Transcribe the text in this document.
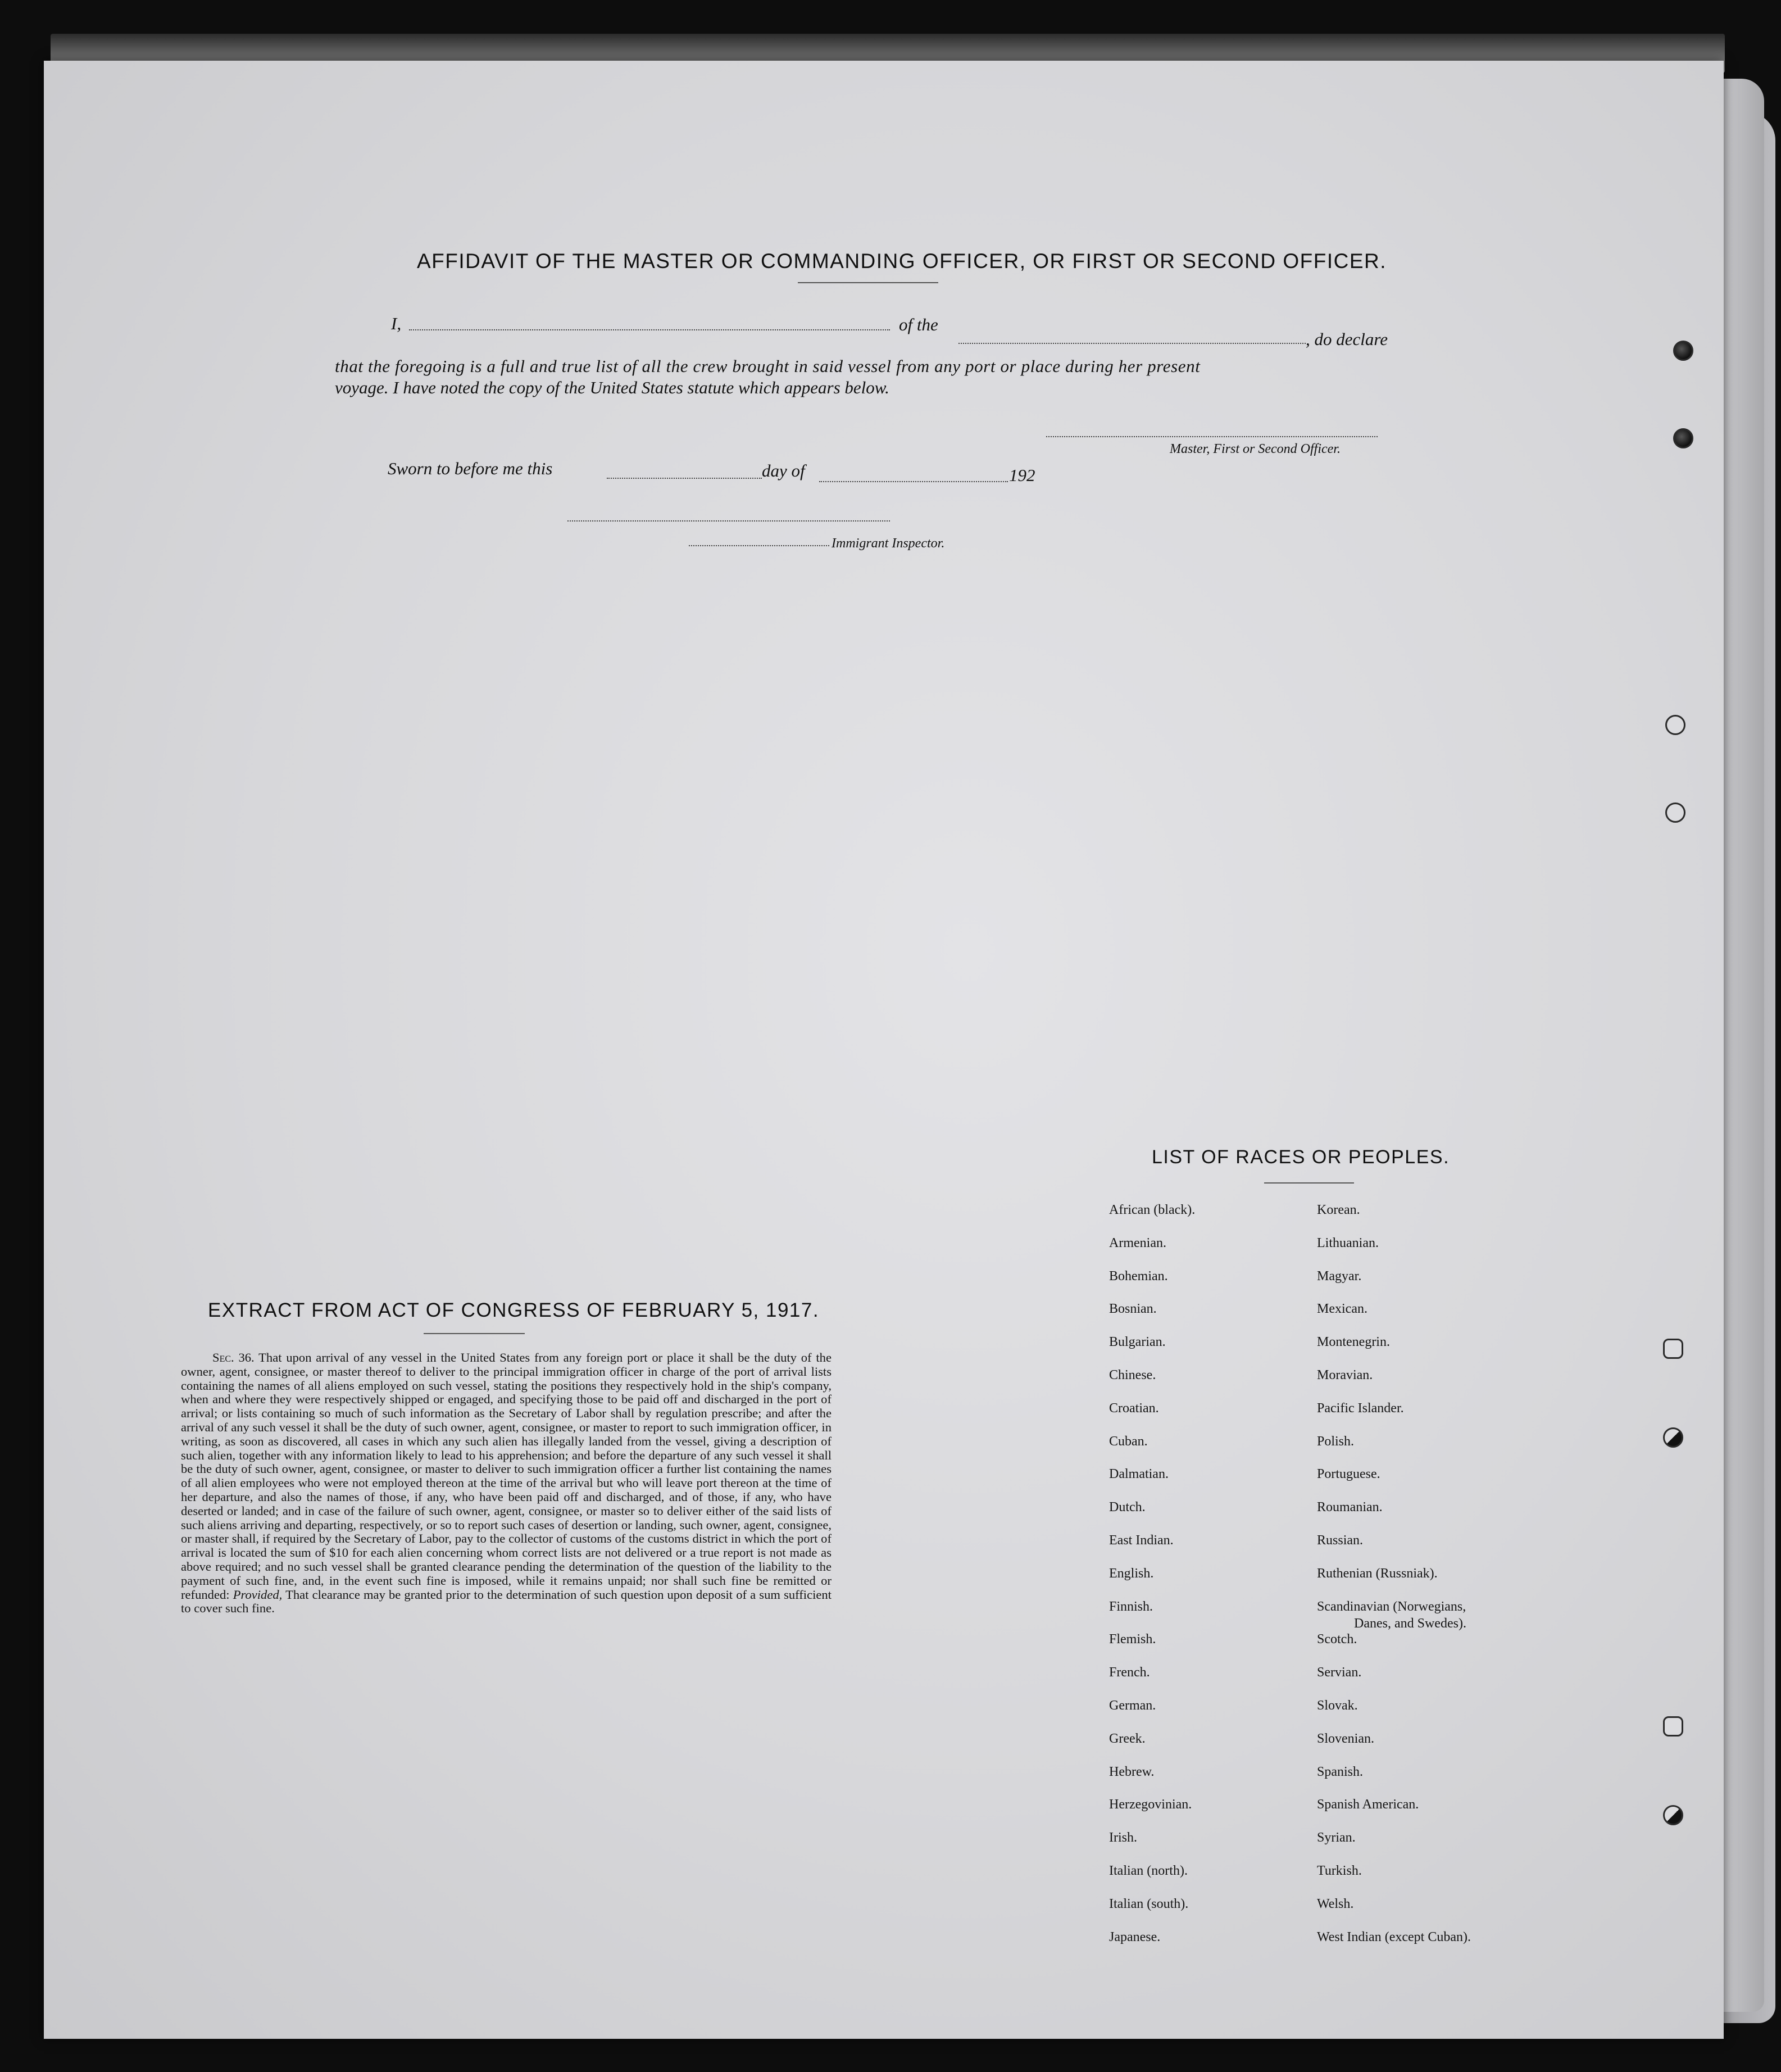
AFFIDAVIT OF THE MASTER OR COMMANDING OFFICER, OR FIRST OR SECOND OFFICER.
I,	of the
, do declare
that the foregoing is a full and true list of all the crew brought in said vessel from any port or place during her present
voyage. I have noted the copy of the United States statute which appears below.
Master, First or Second Officer.
Sworn to before me this	day of	192
Immigrant Inspector.
EXTRACT FROM ACT OF CONGRESS OF FEBRUARY 5, 1917.
Sec. 36. That upon arrival of any vessel in the United States from any foreign port or place it shall be the duty of the owner, agent, consignee, or master thereof to deliver to the principal immigration officer in charge of the port of arrival lists containing the names of all aliens employed on such vessel, stating the positions they respectively hold in the ship's company, when and where they were respectively shipped or engaged, and specifying those to be paid off and discharged in the port of arrival; or lists containing so much of such information as the Secretary of Labor shall by regulation prescribe; and after the arrival of any such vessel it shall be the duty of such owner, agent, consignee, or master to report to such immigration officer, in writing, as soon as discovered, all cases in which any such alien has illegally landed from the vessel, giving a description of such alien, together with any information likely to lead to his apprehension; and before the departure of any such vessel it shall be the duty of such owner, agent, consignee, or master to deliver to such immigration officer a further list containing the names of all alien employees who were not employed thereon at the time of the arrival but who will leave port thereon at the time of her departure, and also the names of those, if any, who have been paid off and discharged, and of those, if any, who have deserted or landed; and in case of the failure of such owner, agent, consignee, or master so to deliver either of the said lists of such aliens arriving and departing, respectively, or so to report such cases of desertion or landing, such owner, agent, consignee, or master shall, if required by the Secretary of Labor, pay to the collector of customs of the customs district in which the port of arrival is located the sum of $10 for each alien concerning whom correct lists are not delivered or a true report is not made as above required; and no such vessel shall be granted clearance pending the determination of the question of the liability to the payment of such fine, and, in the event such fine is imposed, while it remains unpaid; nor shall such fine be remitted or refunded: Provided, That clearance may be granted prior to the determination of such question upon deposit of a sum sufficient to cover such fine.
LIST OF RACES OR PEOPLES.
African (black).
Armenian.
Bohemian.
Bosnian.
Bulgarian.
Chinese.
Croatian.
Cuban.
Dalmatian.
Dutch.
East Indian.
English.
Finnish.
Flemish.
French.
German.
Greek.
Hebrew.
Herzegovinian.
Irish.
Italian (north).
Italian (south).
Japanese.
Korean.
Lithuanian.
Magyar.
Mexican.
Montenegrin.
Moravian.
Pacific Islander.
Polish.
Portuguese.
Roumanian.
Russian.
Ruthenian (Russniak).
Scandinavian (Norwegians,
Danes, and Swedes).
Scotch.
Servian.
Slovak.
Slovenian.
Spanish.
Spanish American.
Syrian.
Turkish.
Welsh.
West Indian (except Cuban).
